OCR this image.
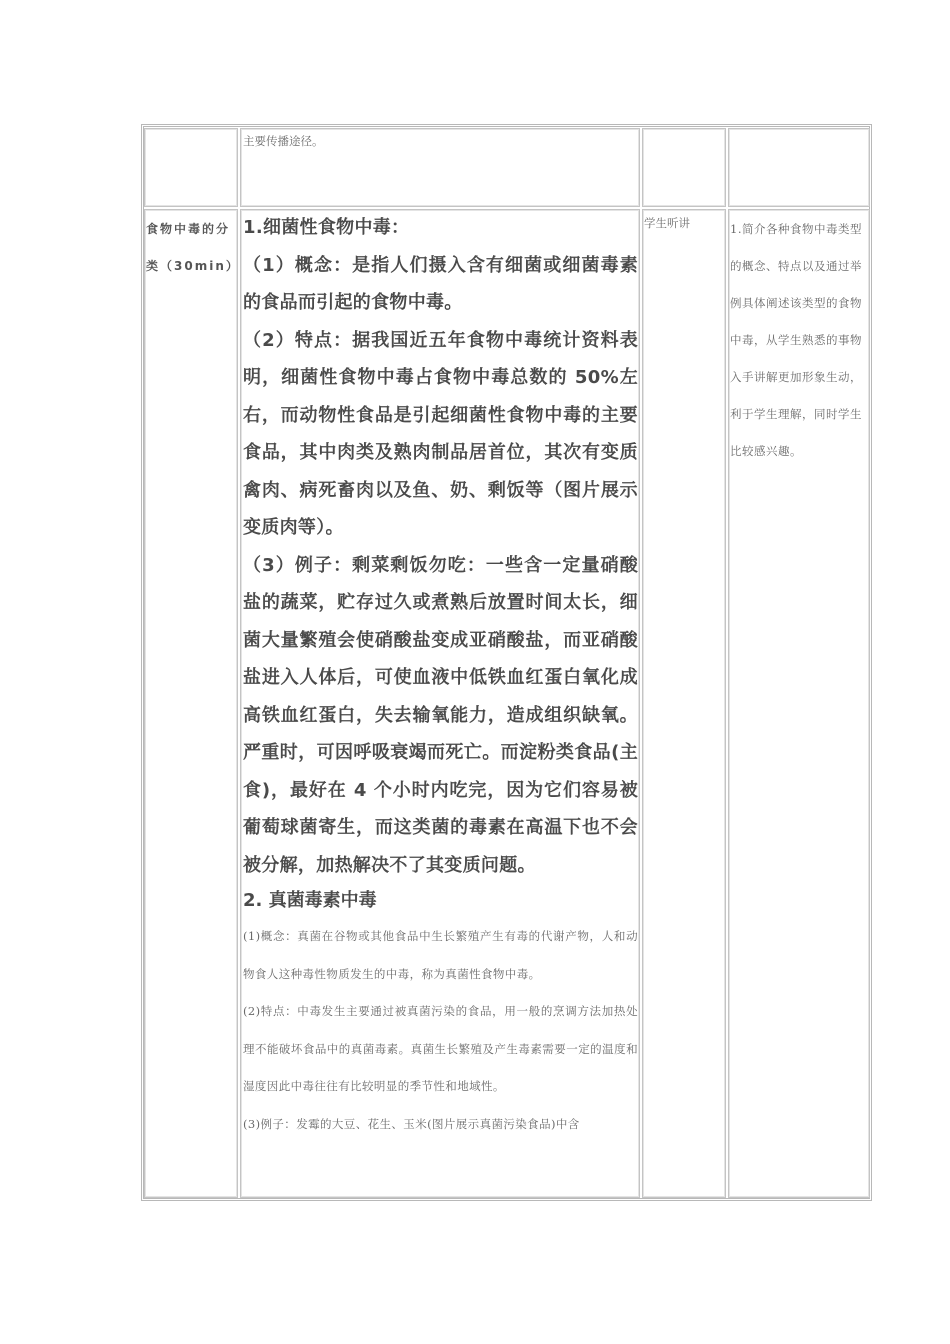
主要传播途径。
食物中毒的分类（30min）
学生听讲	1.简介各种食物中毒类型的概念、特点以及通过举例具体阐述该类型的食物中毒，从学生熟悉的事物入手讲解更加形象生动，利于学生理解，同时学生比较感兴趣。

1.细菌性食物中毒：

（1）概念：是指人们摄入含有细菌或细菌毒素的食品而引起的食物中毒。

（2）特点：据我国近五年食物中毒统计资料表明，细菌性食物中毒占食物中毒总数的 50%左右，而动物性食品是引起细菌性食物中毒的主要食品，其中肉类及熟肉制品居首位，其次有变质禽肉、病死畜肉以及鱼、奶、剩饭等（图片展示变质肉等）。

（3）例子：剩菜剩饭勿吃：一些含一定量硝酸盐的蔬菜，贮存过久或煮熟后放置时间太长，细菌大量繁殖会使硝酸盐变成亚硝酸盐，而亚硝酸盐进入人体后，可使血液中低铁血红蛋白氧化成高铁血红蛋白，失去输氧能力，造成组织缺氧。严重时，可因呼吸衰竭而死亡。而淀粉类食品(主食)，最好在 4 个小时内吃完，因为它们容易被葡萄球菌寄生，而这类菌的毒素在高温下也不会被分解，加热解决不了其变质问题。

2. 真菌毒素中毒

(1)概念：真菌在谷物或其他食品中生长繁殖产生有毒的代谢产物，人和动物食人这种毒性物质发生的中毒，称为真菌性食物中毒。

(2)特点：中毒发生主要通过被真菌污染的食品，用一般的烹调方法加热处理不能破坏食品中的真菌毒素。真菌生长繁殖及产生毒素需要一定的温度和湿度因此中毒往往有比较明显的季节性和地域性。

(3)例子：发霉的大豆、花生、玉米(图片展示真菌污染食品)中含
